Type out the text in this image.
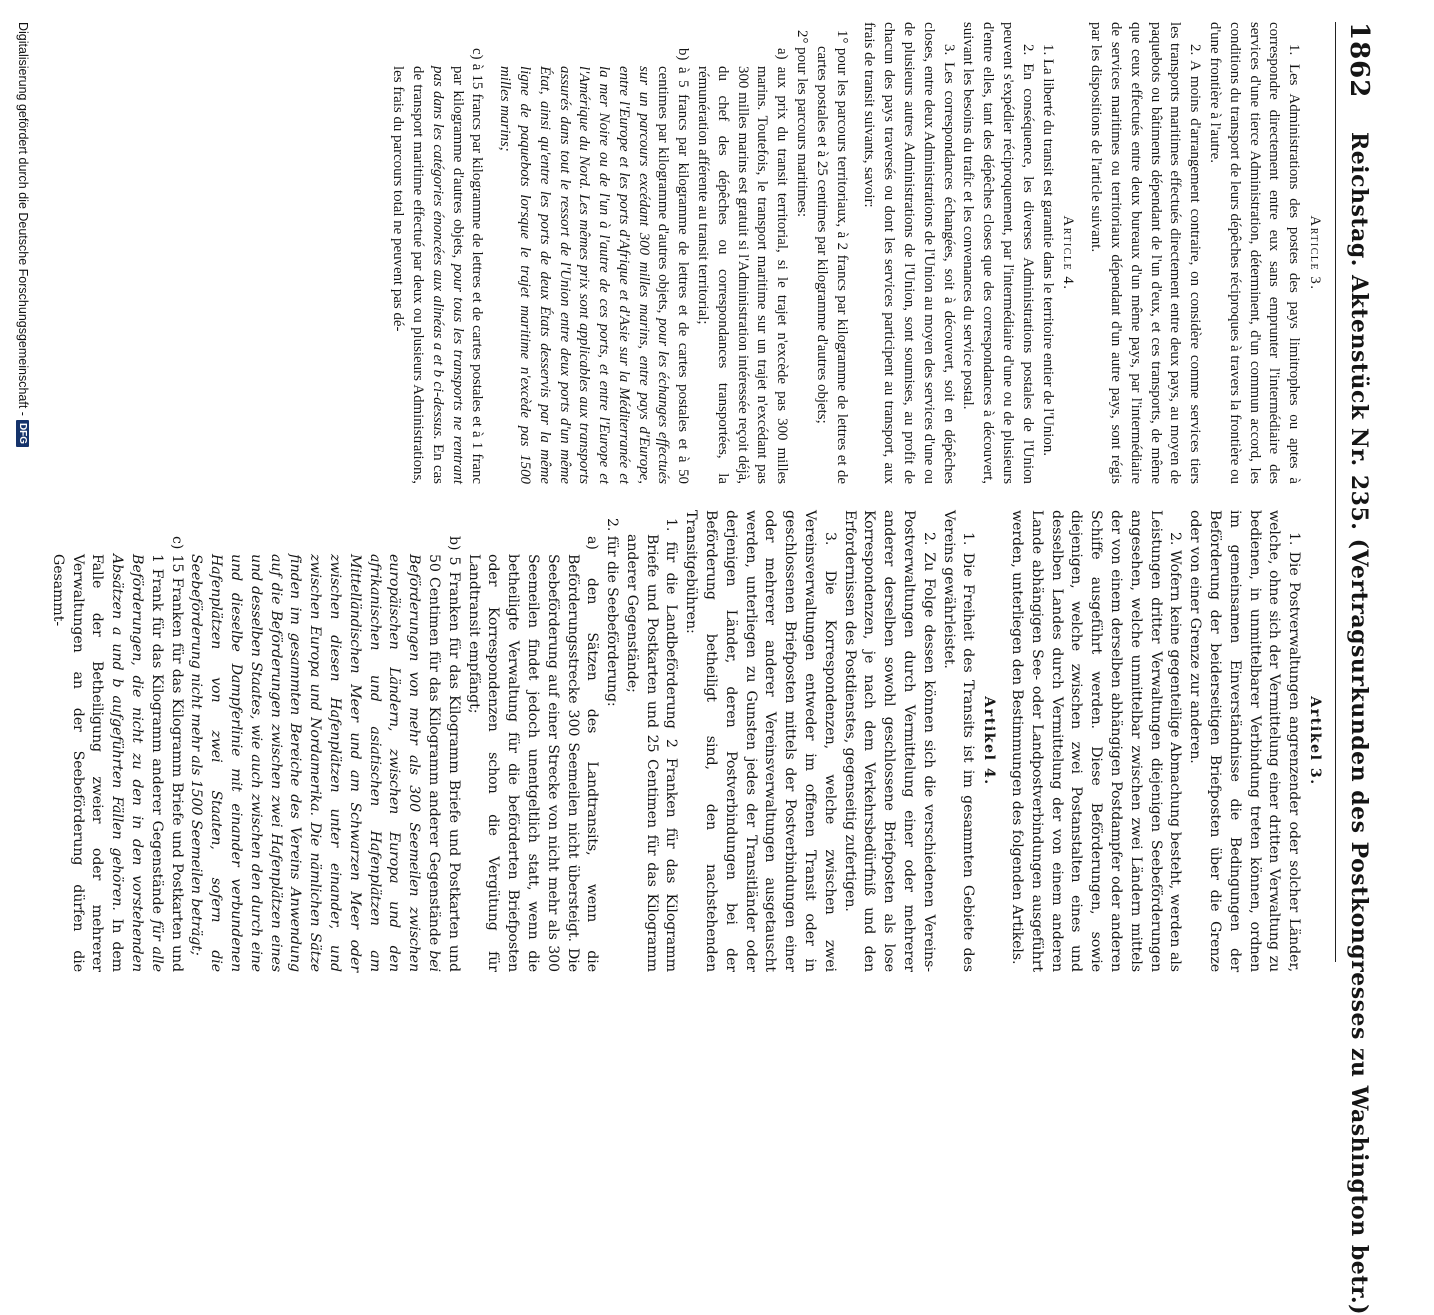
1862
Reichstag. Aktenstück Nr. 235. (Vertragsurkunden des Postkongresses zu Washington betr.)
Article 3.

1. Les Administrations des postes des pays limitrophes ou aptes à correspondre directement entre eux sans emprunter l'intermédiaire des services d'une tierce Administration, déterminent, d'un commun accord, les conditions du transport de leurs dépêches réciproques à travers la frontière ou d'une frontière à l'autre.

2. A moins d'arrangement contraire, on considère comme services tiers les transports maritimes effectués directement entre deux pays, au moyen de paquebots ou bâtiments dépendant de l'un d'eux, et ces transports, de même que ceux effectués entre deux bureaux d'un même pays, par l'intermédiaire de services maritimes ou territoriaux dépendant d'un autre pays, sont régis par les dispositions de l'article suivant.

Article 4.

1. La liberté du transit est garantie dans le territoire entier de l'Union.

2. En conséquence, les diverses Administrations postales de l'Union peuvent s'expédier réciproquement, par l'intermédiaire d'une ou de plusieurs d'entre elles, tant des dépêches closes que des correspondances à découvert, suivant les besoins du trafic et les convenances du service postal.

3. Les correspondances échangées, soit à découvert, soit en dépêches closes, entre deux Administrations de l'Union au moyen des services d'une ou de plusieurs autres Administrations de l'Union, sont soumises, au profit de chacun des pays traversés ou dont les services participent au transport, aux frais de transit suivants, savoir:

1° pour les parcours territoriaux, à 2 francs par kilogramme de lettres et de cartes postales et à 25 centimes par kilogramme d'autres objets;

2° pour les parcours maritimes:

a) aux prix du transit territorial, si le trajet n'excède pas 300 milles marins. Toutefois, le transport maritime sur un trajet n'excédant pas 300 milles marins est gratuit si l'Administration intéressée reçoit déjà, du chef des dépêches ou correspondances transportées, la rémunération afférente au transit territorial;

b) à 5 francs par kilogramme de lettres et de cartes postales et à 50 centimes par kilogramme d'autres objets, pour les échanges effectués sur un parcours excédant 300 milles marins, entre pays d'Europe, entre l'Europe et les ports d'Afrique et d'Asie sur la Méditerranée et la mer Noire ou de l'un à l'autre de ces ports, et entre l'Europe et l'Amérique du Nord. Les mêmes prix sont applicables aux transports assurés dans tout le ressort de l'Union entre deux ports d'un même État, ainsi qu'entre les ports de deux États desservis par la même ligne de paquebots lorsque le trajet maritime n'excède pas 1500 milles marins;

c) à 15 francs par kilogramme de lettres et de cartes postales et à 1 franc par kilogramme d'autres objets, pour tous les transports ne rentrant pas dans les catégories énoncées aux alinéas a et b ci-dessus. En cas de transport maritime effectué par deux ou plusieurs Administrations, les frais du parcours total ne peuvent pas dé-

Artikel 3.

1. Die Postverwaltungen angrenzender oder solcher Länder, welche, ohne sich der Vermittelung einer dritten Verwaltung zu bedienen, in unmittelbarer Verbindung treten können, ordnen im gemeinsamen Einverständnisse die Bedingungen der Beförderung der beiderseitigen Briefposten über die Grenze oder von einer Grenze zur anderen.

2. Wofern keine gegenteilige Abmachung besteht, werden als Leistungen dritter Verwaltungen diejenigen Seebeförderungen angesehen, welche unmittelbar zwischen zwei Ländern mittels der von einem derselben abhängigen Postdampfer oder anderen Schiffe ausgeführt werden. Diese Beförderungen, sowie diejenigen, welche zwischen zwei Postanstalten eines und desselben Landes durch Vermittelung der von einem anderen Lande abhängigen See- oder Landpostverbindungen ausgeführt werden, unterliegen den Bestimmungen des folgenden Artikels.

Artikel 4.

1. Die Freiheit des Transits ist im gesammten Gebiete des Vereins gewährleistet.

2. Zu Folge dessen können sich die verschiedenen Vereins-Postverwaltungen durch Vermittelung einer oder mehrerer anderer derselben sowohl geschlossene Briefposten als lose Korrespondenzen, je nach dem Verkehrsbedürfniß und den Erfordernissen des Postdienstes, gegenseitig zufertigen.

3. Die Korrespondenzen, welche zwischen zwei Vereinsverwaltungen entweder im offenen Transit oder in geschlossenen Briefposten mittels der Postverbindungen einer oder mehrerer anderer Vereinsverwaltungen ausgetauscht werden, unterliegen zu Gunsten jedes der Transitländer oder derjenigen Länder, deren Postverbindungen bei der Beförderung betheiligt sind, den nachstehenden Transitgebühren:

1. für die Landbeförderung 2 Franken für das Kilogramm Briefe und Postkarten und 25 Centimen für das Kilogramm anderer Gegenstände;

2. für die Seebeförderung:

a) den Sätzen des Landtransits, wenn die Beförderungsstrecke 300 Seemeilen nicht übersteigt. Die Seebeförderung auf einer Strecke von nicht mehr als 300 Seemeilen findet jedoch unentgeltlich statt, wenn die betheiligte Verwaltung für die beförderten Briefposten oder Korrespondenzen schon die Vergütung für Landtransit empfängt;

b) 5 Franken für das Kilogramm Briefe und Postkarten und 50 Centimen für das Kilogramm anderer Gegenstände bei Beförderungen von mehr als 300 Seemeilen zwischen europäischen Ländern, zwischen Europa und den afrikanischen und asiatischen Hafenplätzen am Mittelländischen Meer und am Schwarzen Meer oder zwischen diesen Hafenplätzen unter einander, und zwischen Europa und Nordamerika. Die nämlichen Sätze finden im gesammten Bereiche des Vereins Anwendung auf die Beförderungen zwischen zwei Hafenplätzen eines und desselben Staates, wie auch zwischen den durch eine und dieselbe Dampferlinie mit einander verbundenen Hafenplätzen von zwei Staaten, sofern die Seebeförderung nicht mehr als 1500 Seemeilen beträgt;

c) 15 Franken für das Kilogramm Briefe und Postkarten und 1 Frank für das Kilogramm anderer Gegenstände für alle Beförderungen, die nicht zu den in den vorstehenden Absätzen a und b aufgeführten Fällen gehören. In dem Falle der Betheiligung zweier oder mehrerer Verwaltungen an der Seebeförderung dürfen die Gesammt-

Digitalisierung gefördert durch die Deutsche Forschungsgemeinschaft -DFG
